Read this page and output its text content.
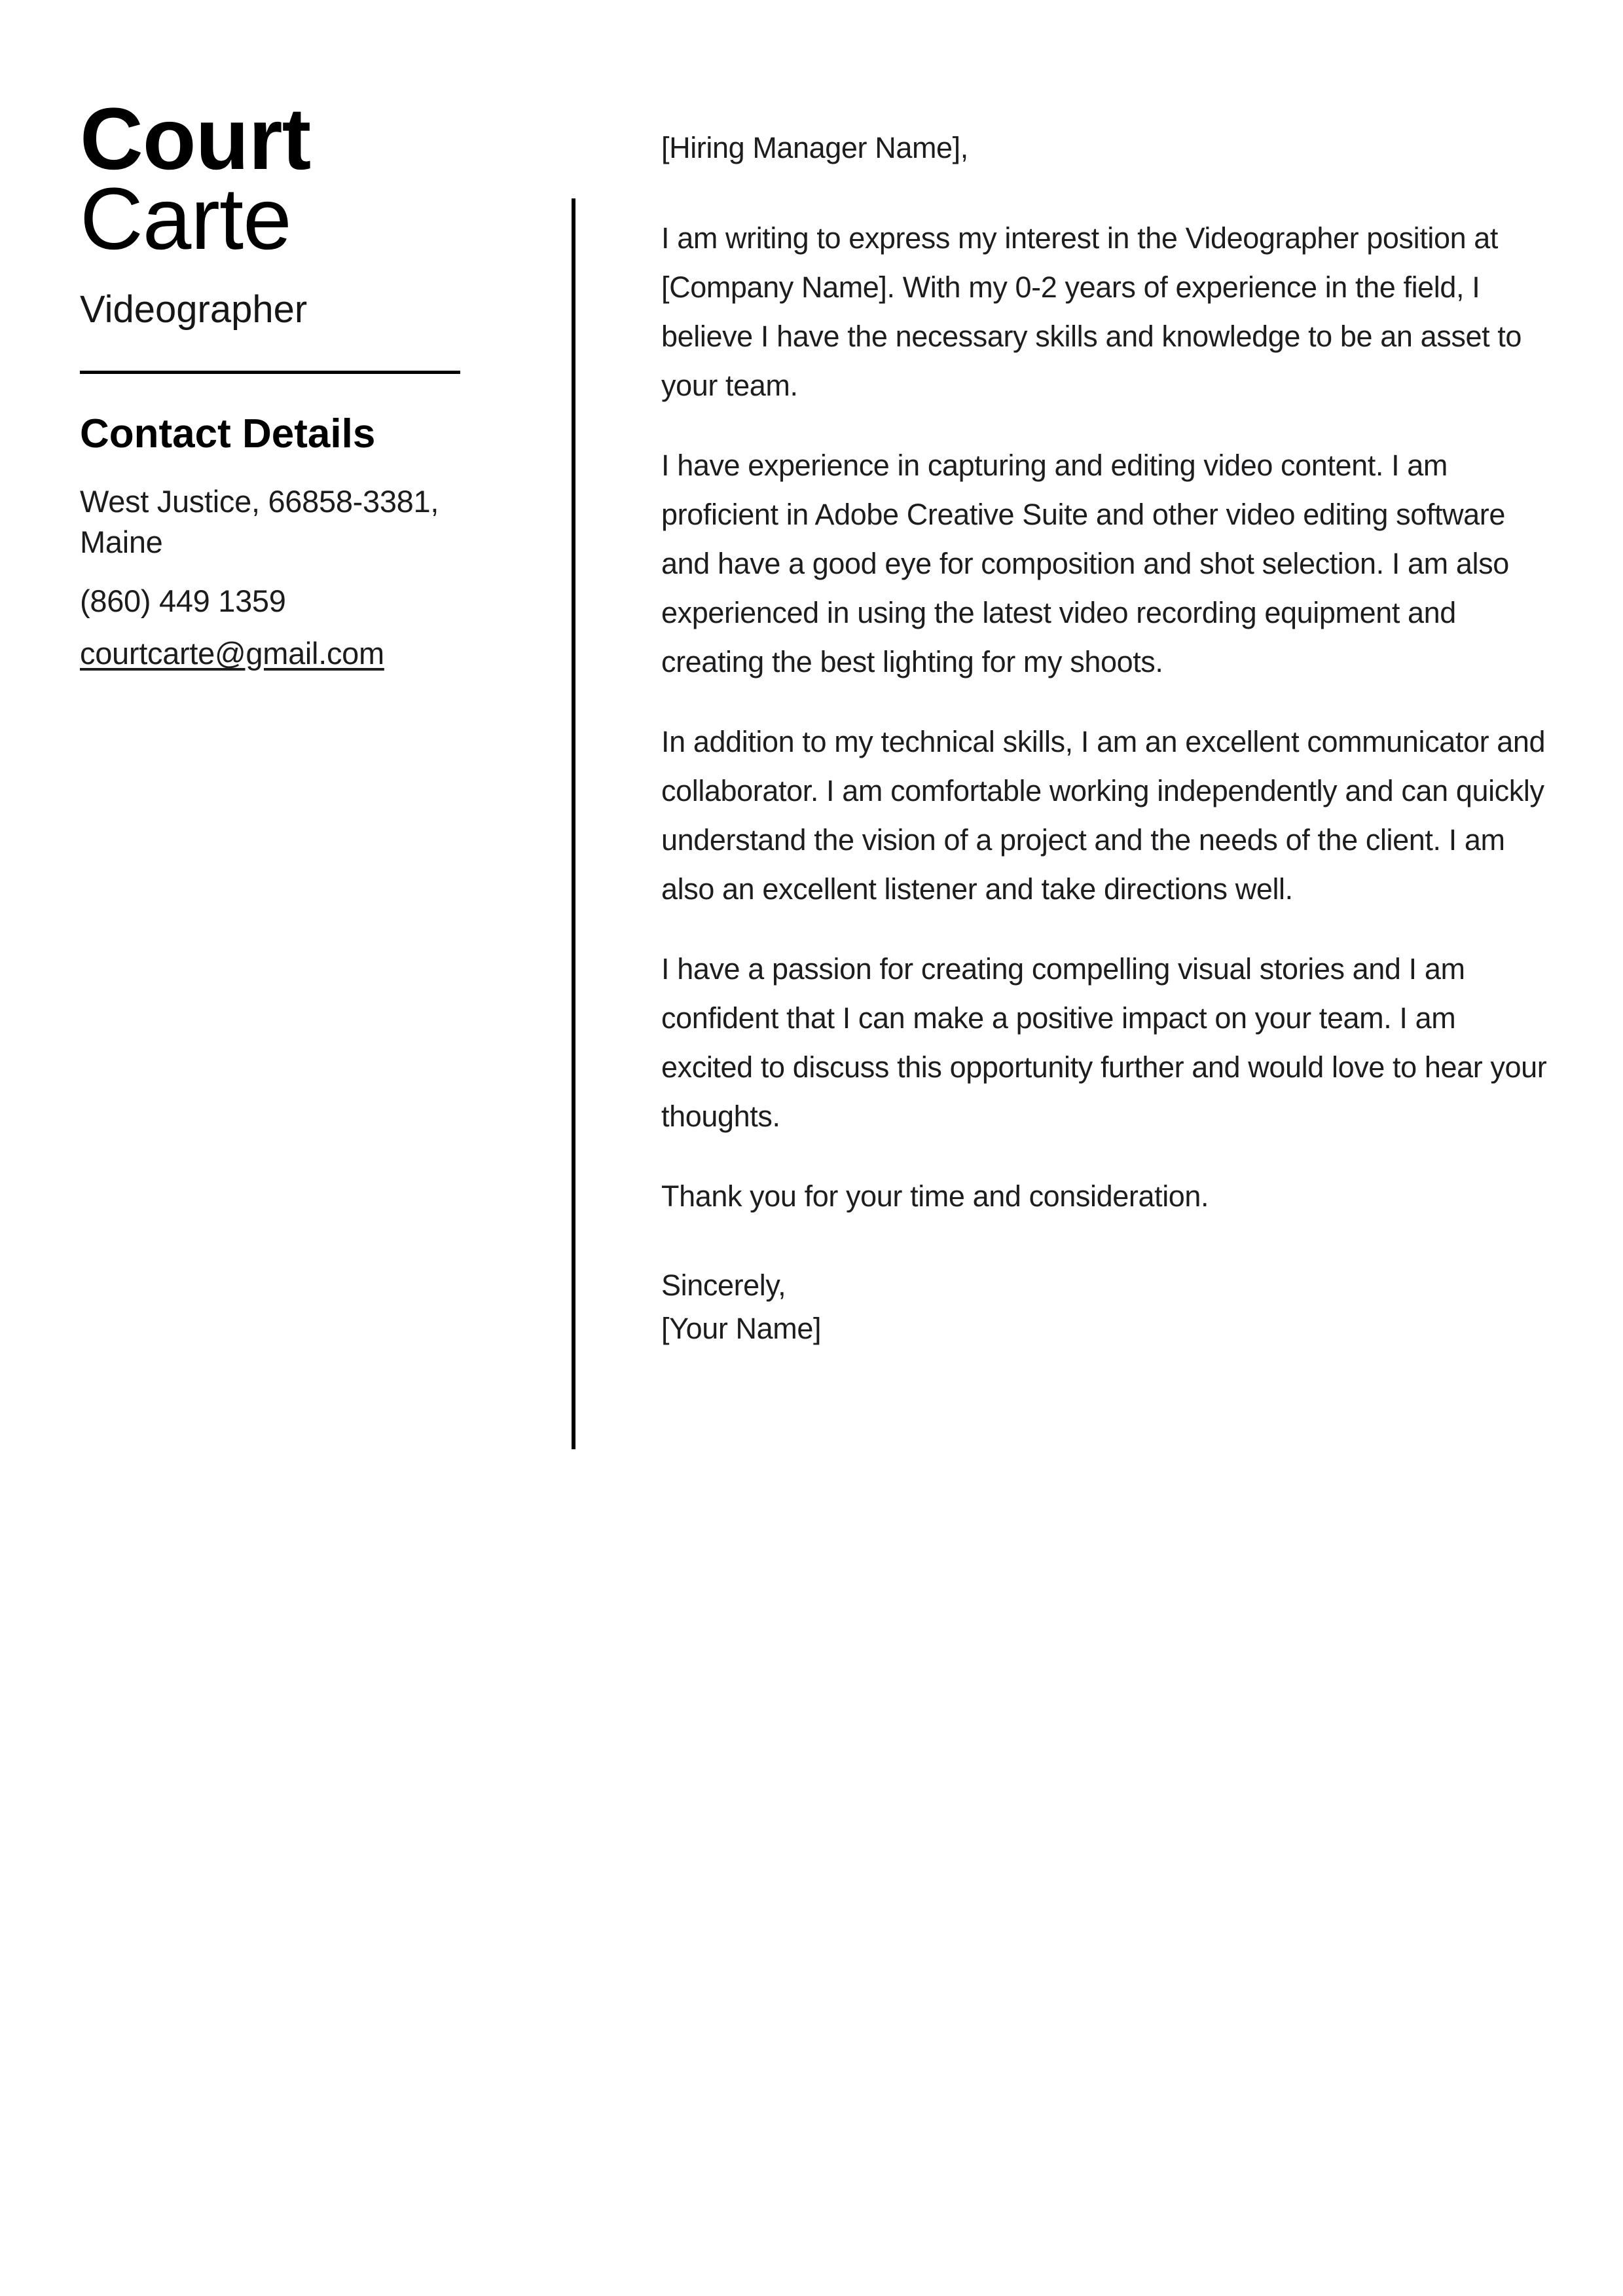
Court
Carte
Videographer
Contact Details

West Justice, 66858-3381, Maine

(860) 449 1359

courtcarte@gmail.com

[Hiring Manager Name],

I am writing to express my interest in the Videographer position at [Company Name]. With my 0-2 years of experience in the field, I believe I have the necessary skills and knowledge to be an asset to your team.

I have experience in capturing and editing video content. I am proficient in Adobe Creative Suite and other video editing software and have a good eye for composition and shot selection. I am also experienced in using the latest video recording equipment and creating the best lighting for my shoots.

In addition to my technical skills, I am an excellent communicator and collaborator. I am comfortable working independently and can quickly understand the vision of a project and the needs of the client. I am also an excellent listener and take directions well.

I have a passion for creating compelling visual stories and I am confident that I can make a positive impact on your team. I am excited to discuss this opportunity further and would love to hear your thoughts.

Thank you for your time and consideration.

Sincerely,
[Your Name]
